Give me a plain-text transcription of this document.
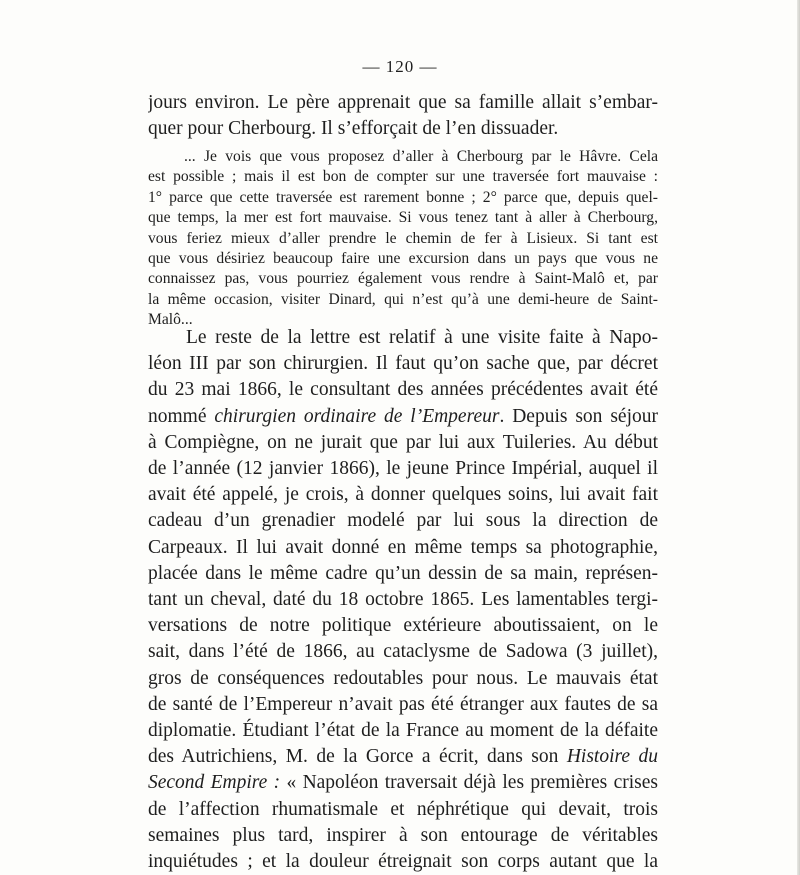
— 120 —
jours environ. Le père apprenait que sa famille allait s’embar-
quer pour Cherbourg. Il s’efforçait de l’en dissuader.
... Je vois que vous proposez d’aller à Cherbourg par le Hâvre. Cela
est possible ; mais il est bon de compter sur une traversée fort mauvaise :
1° parce que cette traversée est rarement bonne ; 2° parce que, depuis quel-
que temps, la mer est fort mauvaise. Si vous tenez tant à aller à Cherbourg,
vous feriez mieux d’aller prendre le chemin de fer à Lisieux. Si tant est
que vous désiriez beaucoup faire une excursion dans un pays que vous ne
connaissez pas, vous pourriez également vous rendre à Saint-Malô et, par
la même occasion, visiter Dinard, qui n’est qu’à une demi-heure de Saint-
Malô...
Le reste de la lettre est relatif à une visite faite à Napo-
léon III par son chirurgien. Il faut qu’on sache que, par décret
du 23 mai 1866, le consultant des années précédentes avait été
nommé chirurgien ordinaire de l’Empereur. Depuis son séjour
à Compiègne, on ne jurait que par lui aux Tuileries. Au début
de l’année (12 janvier 1866), le jeune Prince Impérial, auquel il
avait été appelé, je crois, à donner quelques soins, lui avait fait
cadeau d’un grenadier modelé par lui sous la direction de
Carpeaux. Il lui avait donné en même temps sa photographie,
placée dans le même cadre qu’un dessin de sa main, représen-
tant un cheval, daté du 18 octobre 1865. Les lamentables tergi-
versations de notre politique extérieure aboutissaient, on le
sait, dans l’été de 1866, au cataclysme de Sadowa (3 juillet),
gros de conséquences redoutables pour nous. Le mauvais état
de santé de l’Empereur n’avait pas été étranger aux fautes de sa
diplomatie. Étudiant l’état de la France au moment de la défaite
des Autrichiens, M. de la Gorce a écrit, dans son Histoire du
Second Empire : « Napoléon traversait déjà les premières crises
de l’affection rhumatismale et néphrétique qui devait, trois
semaines plus tard, inspirer à son entourage de véritables
inquiétudes ; et la douleur étreignait son corps autant que la
